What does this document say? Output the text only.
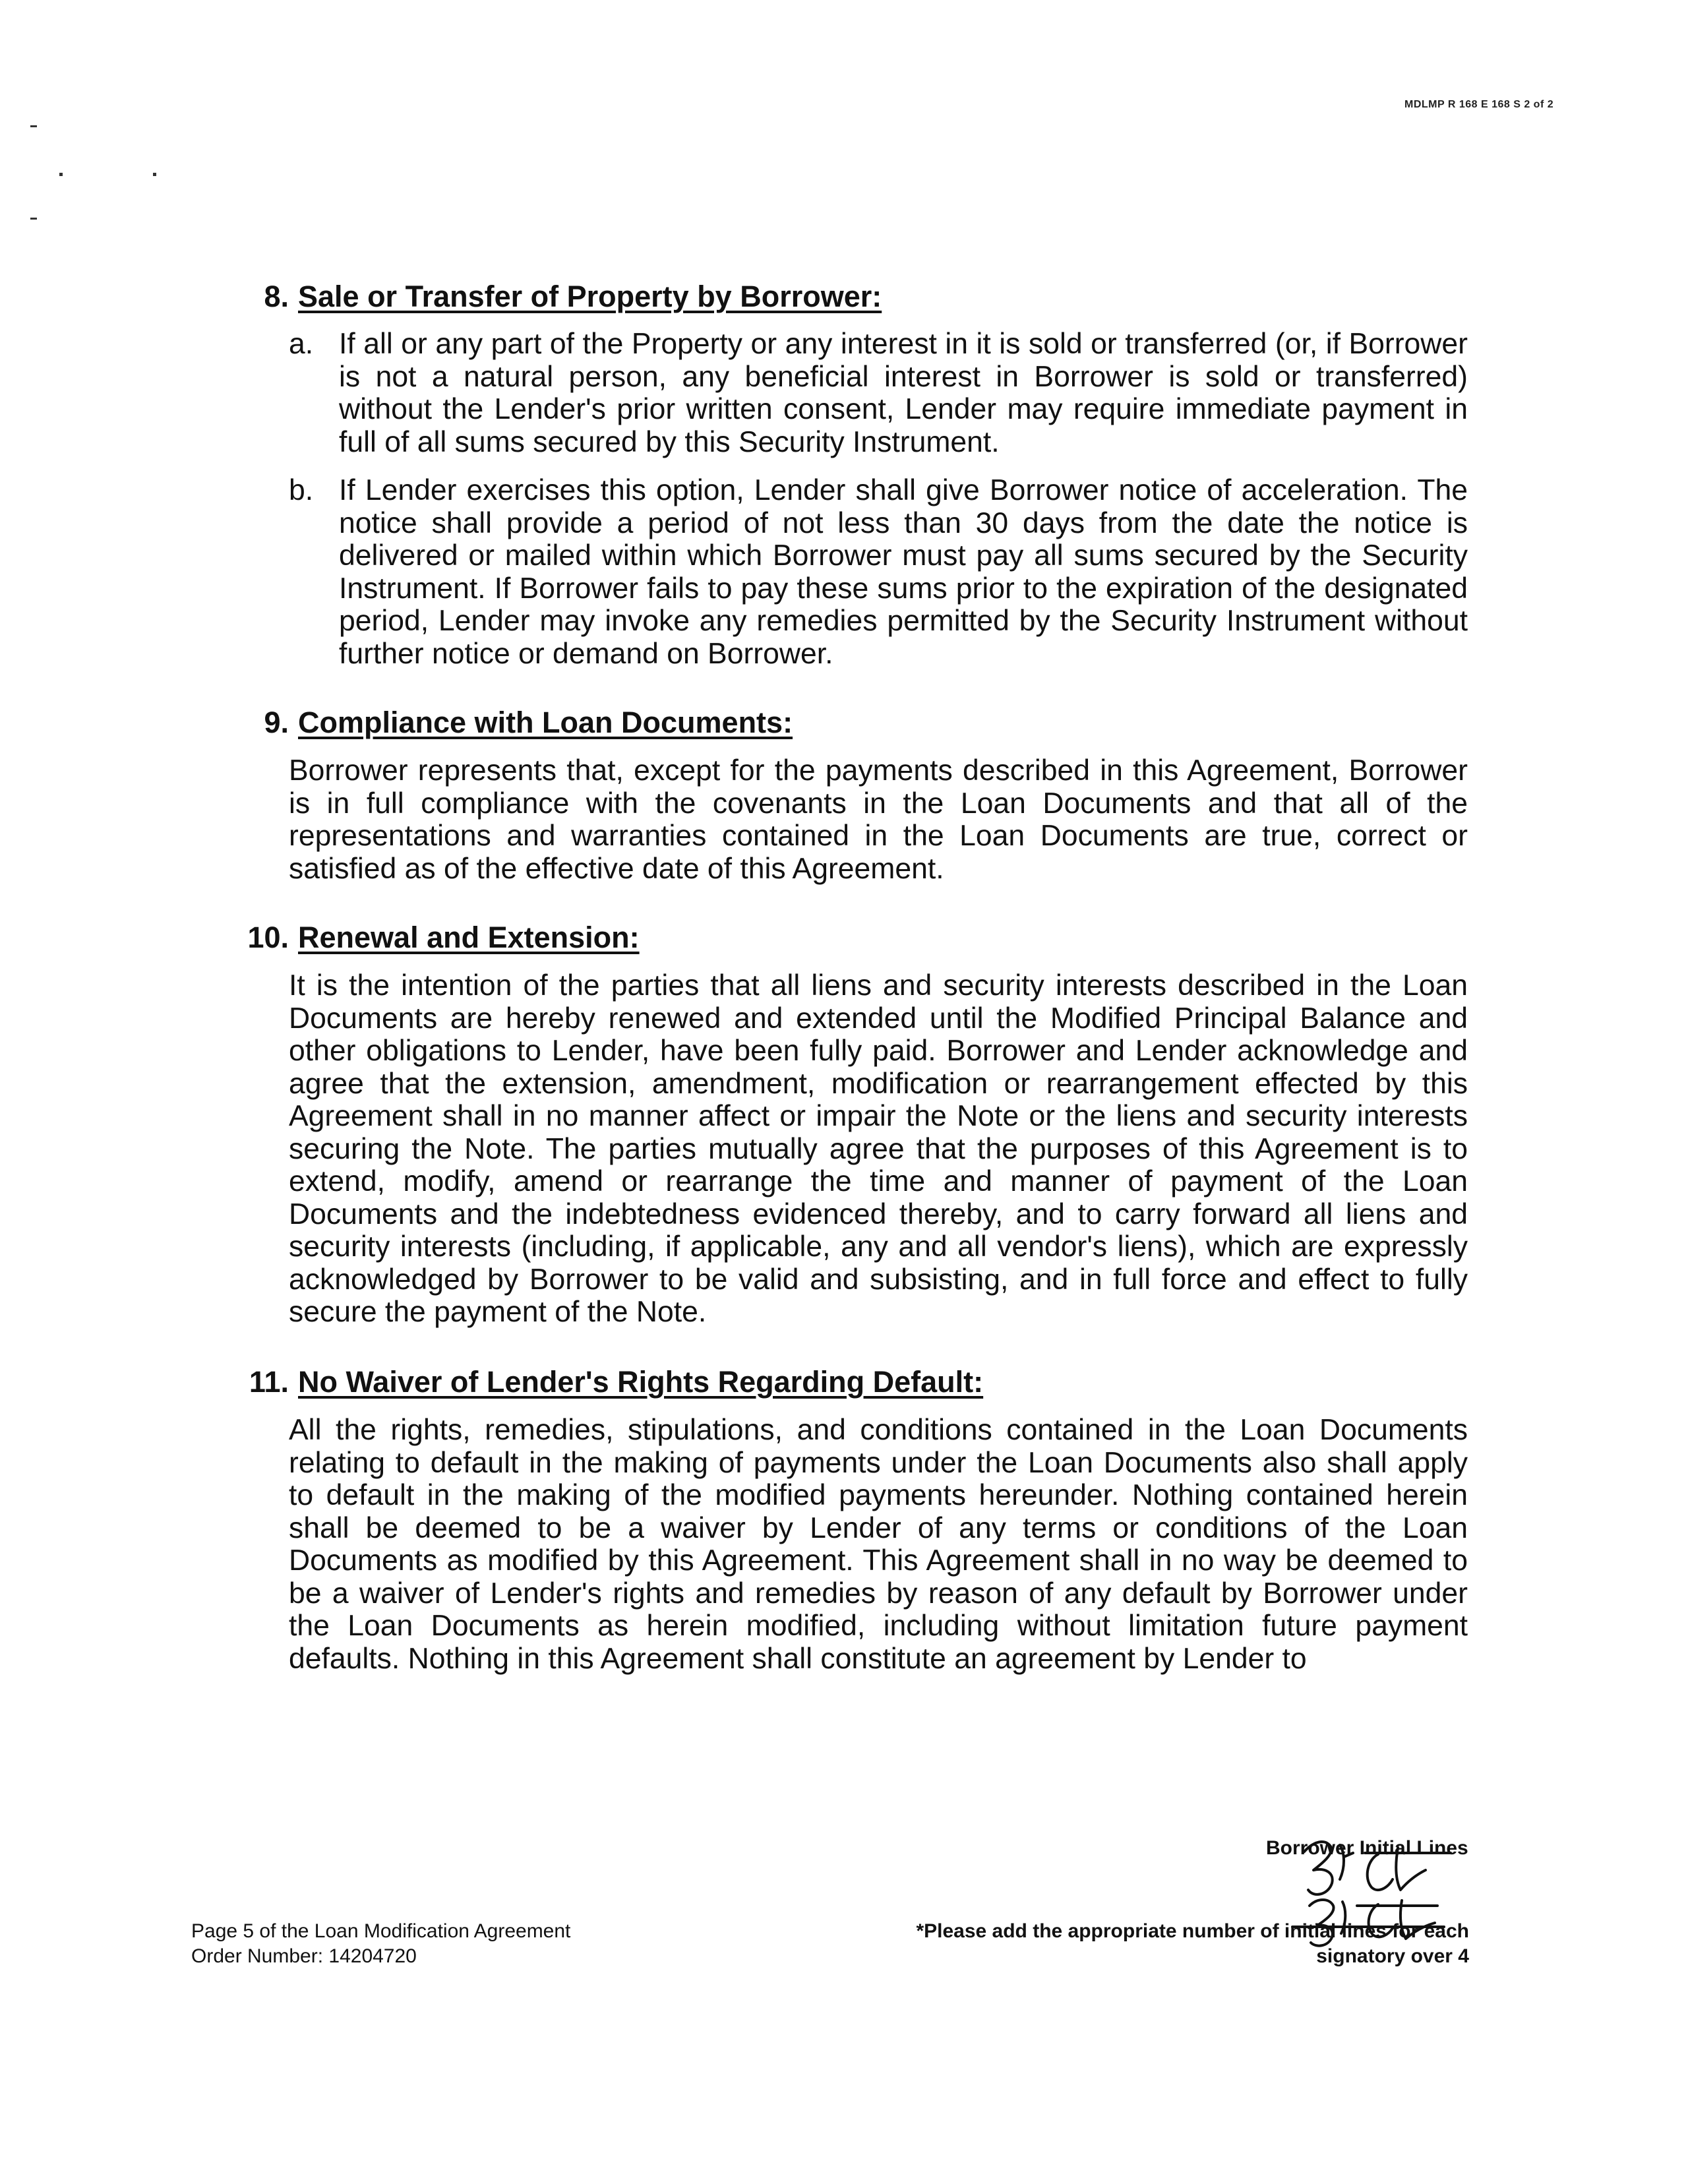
MDLMP R 168 E 168 S 2 of 2
8. Sale or Transfer of Property by Borrower:
a. If all or any part of the Property or any interest in it is sold or transferred (or, if Borrower is not a natural person, any beneficial interest in Borrower is sold or transferred) without the Lender's prior written consent, Lender may require immediate payment in full of all sums secured by this Security Instrument.
b. If Lender exercises this option, Lender shall give Borrower notice of acceleration. The notice shall provide a period of not less than 30 days from the date the notice is delivered or mailed within which Borrower must pay all sums secured by the Security Instrument. If Borrower fails to pay these sums prior to the expiration of the designated period, Lender may invoke any remedies permitted by the Security Instrument without further notice or demand on Borrower.
9. Compliance with Loan Documents:

Borrower represents that, except for the payments described in this Agreement, Borrower is in full compliance with the covenants in the Loan Documents and that all of the representations and warranties contained in the Loan Documents are true, correct or satisfied as of the effective date of this Agreement.

10. Renewal and Extension:

It is the intention of the parties that all liens and security interests described in the Loan Documents are hereby renewed and extended until the Modified Principal Balance and other obligations to Lender, have been fully paid. Borrower and Lender acknowledge and agree that the extension, amendment, modification or rearrangement effected by this Agreement shall in no manner affect or impair the Note or the liens and security interests securing the Note. The parties mutually agree that the purposes of this Agreement is to extend, modify, amend or rearrange the time and manner of payment of the Loan Documents and the indebtedness evidenced thereby, and to carry forward all liens and security interests (including, if applicable, any and all vendor's liens), which are expressly acknowledged by Borrower to be valid and subsisting, and in full force and effect to fully secure the payment of the Note.

11. No Waiver of Lender's Rights Regarding Default:

All the rights, remedies, stipulations, and conditions contained in the Loan Documents relating to default in the making of payments under the Loan Documents also shall apply to default in the making of the modified payments hereunder. Nothing contained herein shall be deemed to be a waiver by Lender of any terms or conditions of the Loan Documents as modified by this Agreement. This Agreement shall in no way be deemed to be a waiver of Lender's rights and remedies by reason of any default by Borrower under the Loan Documents as herein modified, including without limitation future payment defaults. Nothing in this Agreement shall constitute an agreement by Lender to

Borrower Initial Lines
Page 5 of the Loan Modification Agreement
Order Number: 14204720
*Please add the appropriate number of initial lines for each
signatory over 4
